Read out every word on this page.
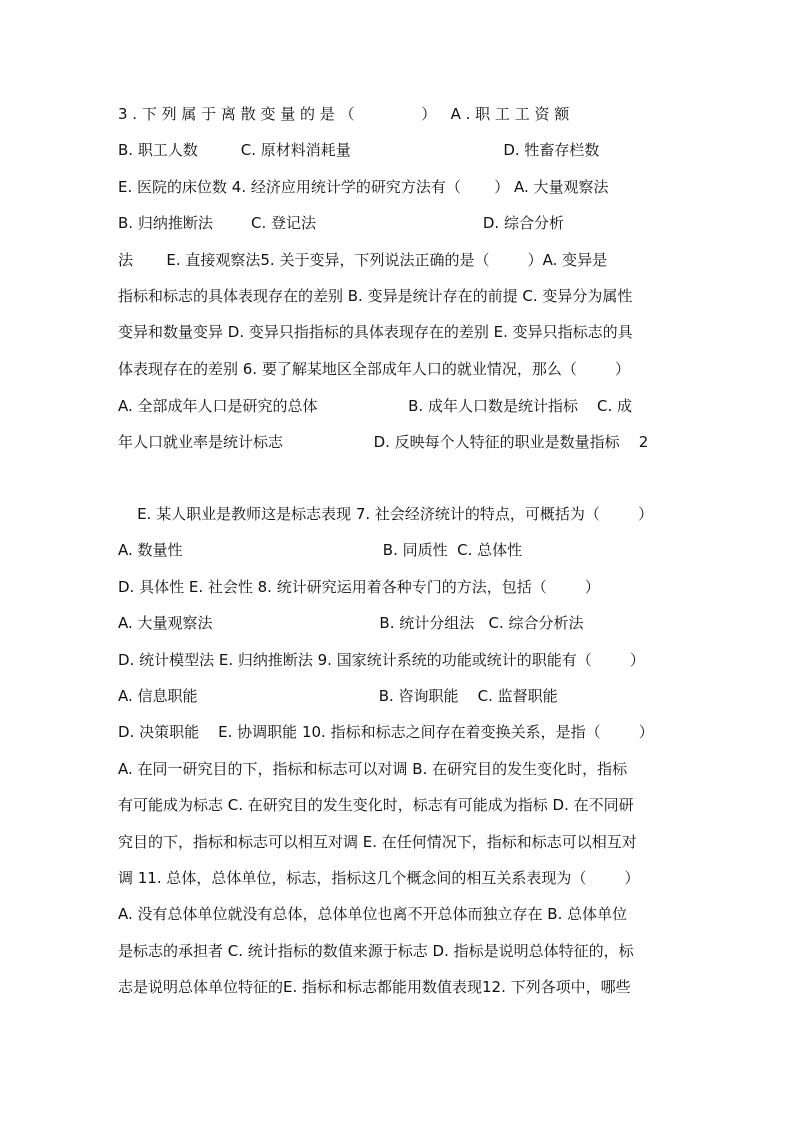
3 . 下 列 属 于 离 散 变 量 的 是 （              ）   A . 职 工 工 资 额
B. 职工人数         C. 原材料消耗量                                D. 牲畜存栏数
E. 医院的床位数 4. 经济应用统计学的研究方法有（       ） A. 大量观察法
B. 归纳推断法        C. 登记法                                   D. 综合分析
法       E. 直接观察法5. 关于变异，下列说法正确的是（        ）A. 变异是
指标和标志的具体表现存在的差别 B. 变异是统计存在的前提 C. 变异分为属性
变异和数量变异 D. 变异只指指标的具体表现存在的差别 E. 变异只指标志的具
体表现存在的差别 6. 要了解某地区全部成年人口的就业情况，那么（        ）
A. 全部成年人口是研究的总体                   B. 成年人口数是统计指标    C. 成
年人口就业率是统计标志                   D. 反映每个人特征的职业是数量指标    2
E. 某人职业是教师这是标志表现 7. 社会经济统计的特点，可概括为（        ）
A. 数量性                                          B. 同质性  C. 总体性
D. 具体性 E. 社会性 8. 统计研究运用着各种专门的方法，包括（        ）
A. 大量观察法                                   B. 统计分组法   C. 综合分析法
D. 统计模型法 E. 归纳推断法 9. 国家统计系统的功能或统计的职能有（        ）
A. 信息职能                                      B. 咨询职能    C. 监督职能
D. 决策职能    E. 协调职能 10. 指标和标志之间存在着变换关系，是指（        ）
A. 在同一研究目的下，指标和标志可以对调 B. 在研究目的发生变化时，指标
有可能成为标志 C. 在研究目的发生变化时，标志有可能成为指标 D. 在不同研
究目的下，指标和标志可以相互对调 E. 在任何情况下，指标和标志可以相互对
调 11. 总体，总体单位，标志，指标这几个概念间的相互关系表现为（        ）
A. 没有总体单位就没有总体，总体单位也离不开总体而独立存在 B. 总体单位
是标志的承担者 C. 统计指标的数值来源于标志 D. 指标是说明总体特征的，标
志是说明总体单位特征的E. 指标和标志都能用数值表现12. 下列各项中，哪些
